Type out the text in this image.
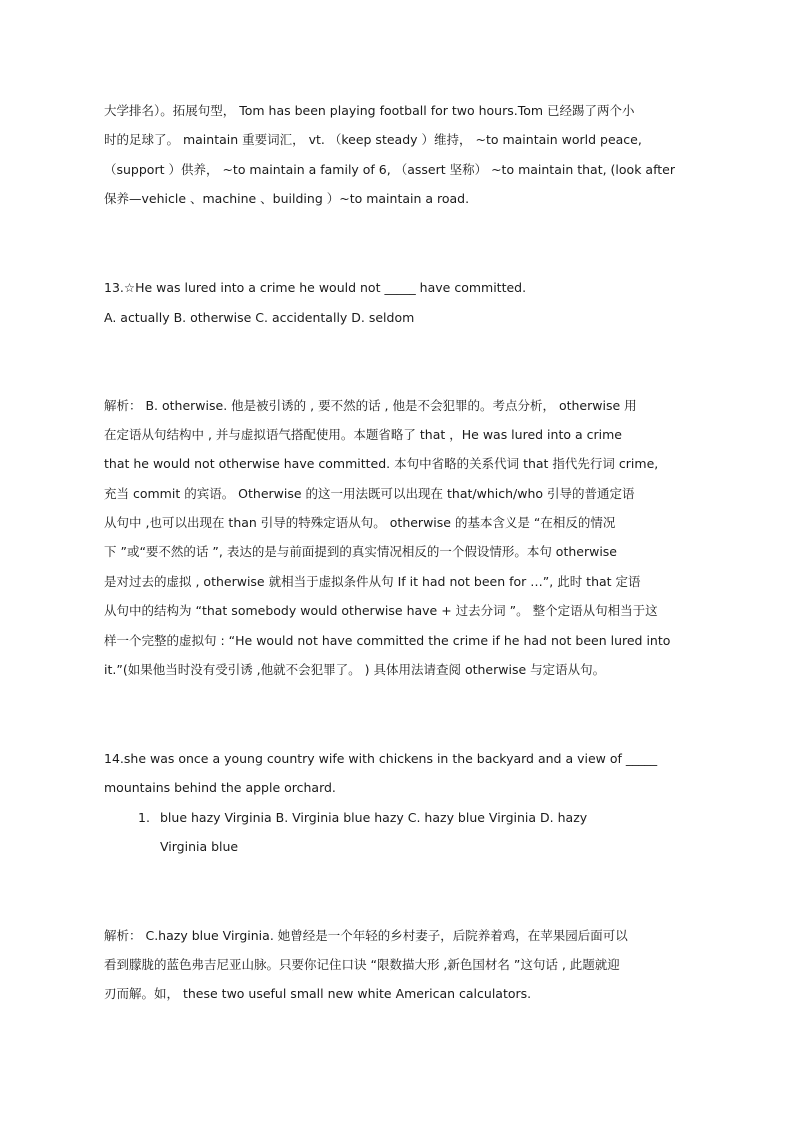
大学排名）。拓展句型， Tom has been playing football for two hours.Tom 已经踢了两个小
时的足球了。 maintain 重要词汇， vt. （keep steady ）维持， ~to maintain world peace,
（support ）供养， ~to maintain a family of 6, （assert 坚称） ~to maintain that, (look after
保养—vehicle 、machine 、building ）~to maintain a road.
13.☆He was lured into a crime he would not _____ have committed.
A. actually B. otherwise C. accidentally D. seldom
解析： B. otherwise. 他是被引诱的 , 要不然的话 , 他是不会犯罪的。考点分析， otherwise 用
在定语从句结构中 , 并与虚拟语气搭配使用。本题省略了 that ，He was lured into a crime
that he would not otherwise have committed. 本句中省略的关系代词 that 指代先行词 crime,
充当 commit 的宾语。 Otherwise 的这一用法既可以出现在 that/which/who 引导的普通定语
从句中 ,也可以出现在 than 引导的特殊定语从句。 otherwise 的基本含义是 “在相反的情况
下 ”或“要不然的话 ”, 表达的是与前面提到的真实情况相反的一个假设情形。本句 otherwise
是对过去的虚拟 , otherwise 就相当于虚拟条件从句 If it had not been for …”, 此时 that 定语
从句中的结构为 “that somebody would otherwise have + 过去分词 ”。 整个定语从句相当于这
样一个完整的虚拟句 : “He would not have committed the crime if he had not been lured into
it.”(如果他当时没有受引诱 ,他就不会犯罪了。 ) 具体用法请查阅 otherwise 与定语从句。
14.she was once a young country wife with chickens in the backyard and a view of _____
mountains behind the apple orchard.
1. blue hazy Virginia B. Virginia blue hazy C. hazy blue Virginia D. hazy
Virginia blue
解析： C.hazy blue Virginia. 她曾经是一个年轻的乡村妻子，后院养着鸡，在苹果园后面可以
看到朦胧的蓝色弗吉尼亚山脉。只要你记住口诀 “限数描大形 ,新色国材名 ”这句话 , 此题就迎
刃而解。如， these two useful small new white American calculators.
